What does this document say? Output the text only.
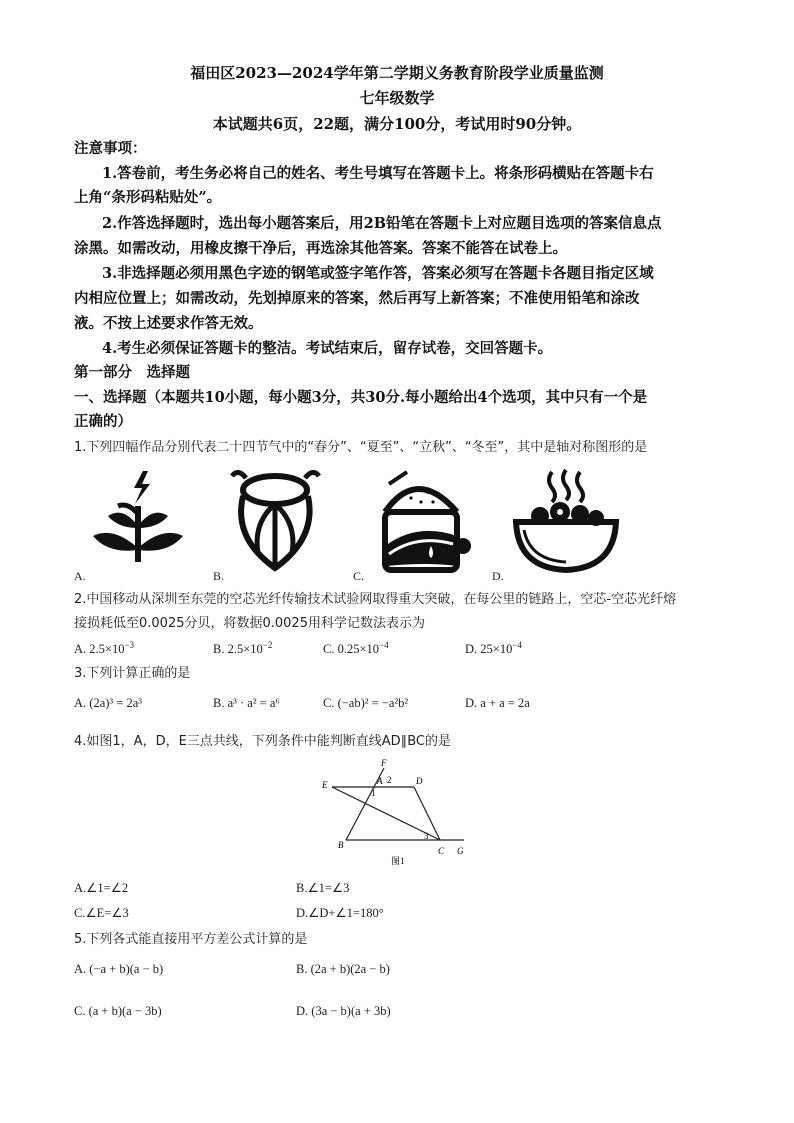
福田区2023—2024学年第二学期义务教育阶段学业质量监测
七年级数学
本试题共6页，22题，满分100分，考试用时90分钟。
注意事项：
1.答卷前，考生务必将自己的姓名、考生号填写在答题卡上。将条形码横贴在答题卡右
上角“条形码粘贴处”。
2.作答选择题时，选出每小题答案后，用2B铅笔在答题卡上对应题目选项的答案信息点
涂黑。如需改动，用橡皮擦干净后，再选涂其他答案。答案不能答在试卷上。
3.非选择题必须用黑色字迹的钢笔或签字笔作答，答案必须写在答题卡各题目指定区域
内相应位置上；如需改动，先划掉原来的答案，然后再写上新答案；不准使用铅笔和涂改
液。不按上述要求作答无效。
4.考生必须保证答题卡的整洁。考试结束后，留存试卷，交回答题卡。
第一部分　选择题
一、选择题（本题共10小题，每小题3分，共30分.每小题给出4个选项，其中只有一个是
正确的）
1.下列四幅作品分别代表二十四节气中的“春分”、“夏至”、“立秋”、“冬至”，其中是轴对称图形的是
A.	B.	C.	D.
2.中国移动从深圳至东莞的空芯光纤传输技术试验网取得重大突破，在每公里的链路上，空芯-空芯光纤熔
接损耗低至0.0025分贝，将数据0.0025用科学记数法表示为
A. $2.5\times 10^{-3}$	B. $2.5\times 10^{-2}$	C. $0.25\times 10^{-4}$	D. $25\times 10^{-4}$
3.下列计算正确的是
A. (2a)³ = 2a³	B. a³ · a² = a⁶	C. (−ab)² = −a²b²	D. a + a = 2a
4.如图1，A，D，E三点共线，下列条件中能判断直线AD∥BC的是
F
A 2	D
E
1
B
3
C G
图1
A.∠1=∠2	B.∠1=∠3
C.∠E=∠3	D.∠D+∠1=180°
5.下列各式能直接用平方差公式计算的是
A. (−a + b)(a − b)	B. (2a + b)(2a − b)
C. (a + b)(a − 3b)	D. (3a − b)(a + 3b)
